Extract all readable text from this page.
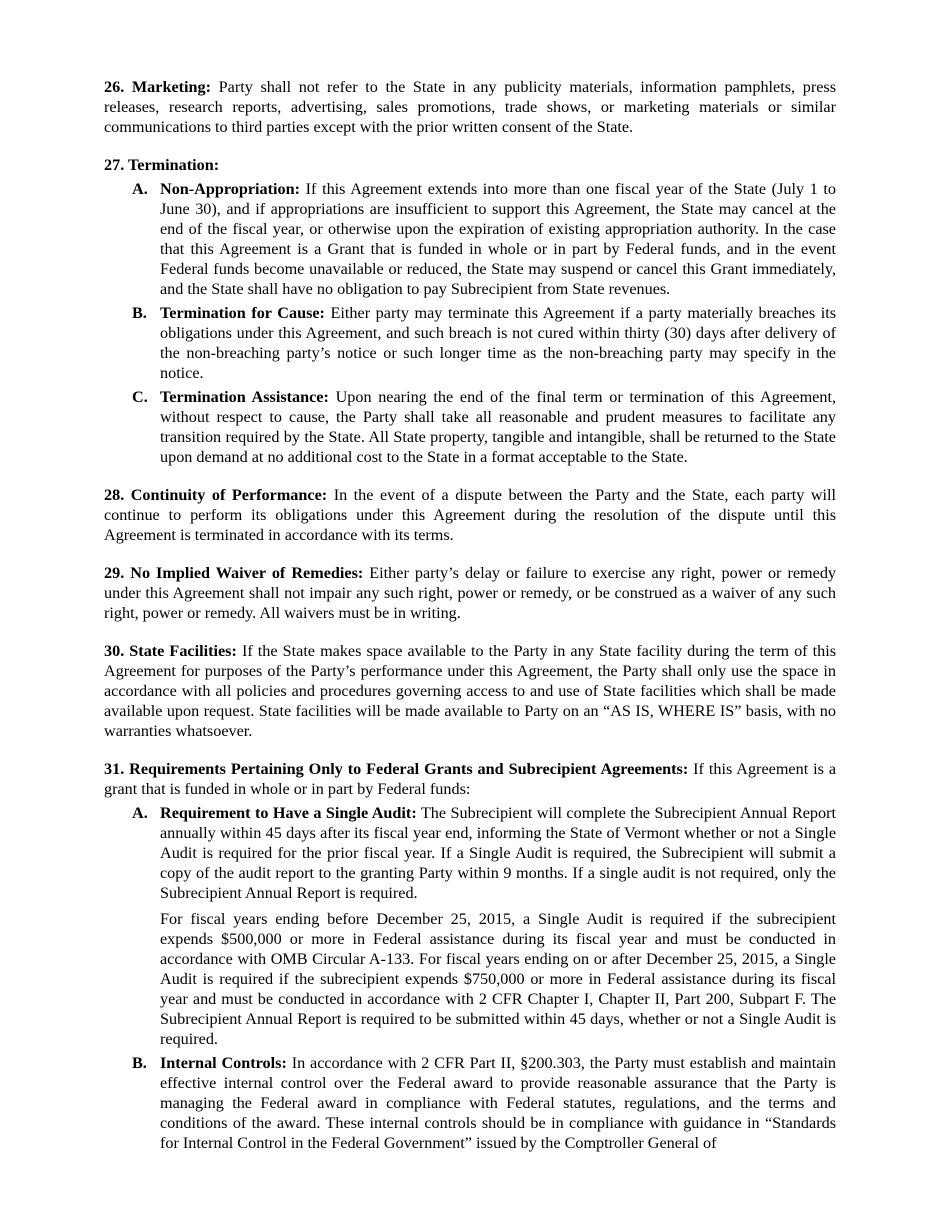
26. Marketing: Party shall not refer to the State in any publicity materials, information pamphlets, press releases, research reports, advertising, sales promotions, trade shows, or marketing materials or similar communications to third parties except with the prior written consent of the State.

27. Termination:

A. Non-Appropriation: If this Agreement extends into more than one fiscal year of the State (July 1 to June 30), and if appropriations are insufficient to support this Agreement, the State may cancel at the end of the fiscal year, or otherwise upon the expiration of existing appropriation authority. In the case that this Agreement is a Grant that is funded in whole or in part by Federal funds, and in the event Federal funds become unavailable or reduced, the State may suspend or cancel this Grant immediately, and the State shall have no obligation to pay Subrecipient from State revenues.

B. Termination for Cause: Either party may terminate this Agreement if a party materially breaches its obligations under this Agreement, and such breach is not cured within thirty (30) days after delivery of the non-breaching party’s notice or such longer time as the non-breaching party may specify in the notice.

C. Termination Assistance: Upon nearing the end of the final term or termination of this Agreement, without respect to cause, the Party shall take all reasonable and prudent measures to facilitate any transition required by the State. All State property, tangible and intangible, shall be returned to the State upon demand at no additional cost to the State in a format acceptable to the State.

28. Continuity of Performance: In the event of a dispute between the Party and the State, each party will continue to perform its obligations under this Agreement during the resolution of the dispute until this Agreement is terminated in accordance with its terms.

29. No Implied Waiver of Remedies: Either party’s delay or failure to exercise any right, power or remedy under this Agreement shall not impair any such right, power or remedy, or be construed as a waiver of any such right, power or remedy. All waivers must be in writing.

30. State Facilities: If the State makes space available to the Party in any State facility during the term of this Agreement for purposes of the Party’s performance under this Agreement, the Party shall only use the space in accordance with all policies and procedures governing access to and use of State facilities which shall be made available upon request. State facilities will be made available to Party on an “AS IS, WHERE IS” basis, with no warranties whatsoever.

31. Requirements Pertaining Only to Federal Grants and Subrecipient Agreements: If this Agreement is a grant that is funded in whole or in part by Federal funds:

A. Requirement to Have a Single Audit: The Subrecipient will complete the Subrecipient Annual Report annually within 45 days after its fiscal year end, informing the State of Vermont whether or not a Single Audit is required for the prior fiscal year. If a Single Audit is required, the Subrecipient will submit a copy of the audit report to the granting Party within 9 months. If a single audit is not required, only the Subrecipient Annual Report is required.

For fiscal years ending before December 25, 2015, a Single Audit is required if the subrecipient expends $500,000 or more in Federal assistance during its fiscal year and must be conducted in accordance with OMB Circular A-133. For fiscal years ending on or after December 25, 2015, a Single Audit is required if the subrecipient expends $750,000 or more in Federal assistance during its fiscal year and must be conducted in accordance with 2 CFR Chapter I, Chapter II, Part 200, Subpart F. The Subrecipient Annual Report is required to be submitted within 45 days, whether or not a Single Audit is required.

B. Internal Controls: In accordance with 2 CFR Part II, §200.303, the Party must establish and maintain effective internal control over the Federal award to provide reasonable assurance that the Party is managing the Federal award in compliance with Federal statutes, regulations, and the terms and conditions of the award. These internal controls should be in compliance with guidance in “Standards for Internal Control in the Federal Government” issued by the Comptroller General of
